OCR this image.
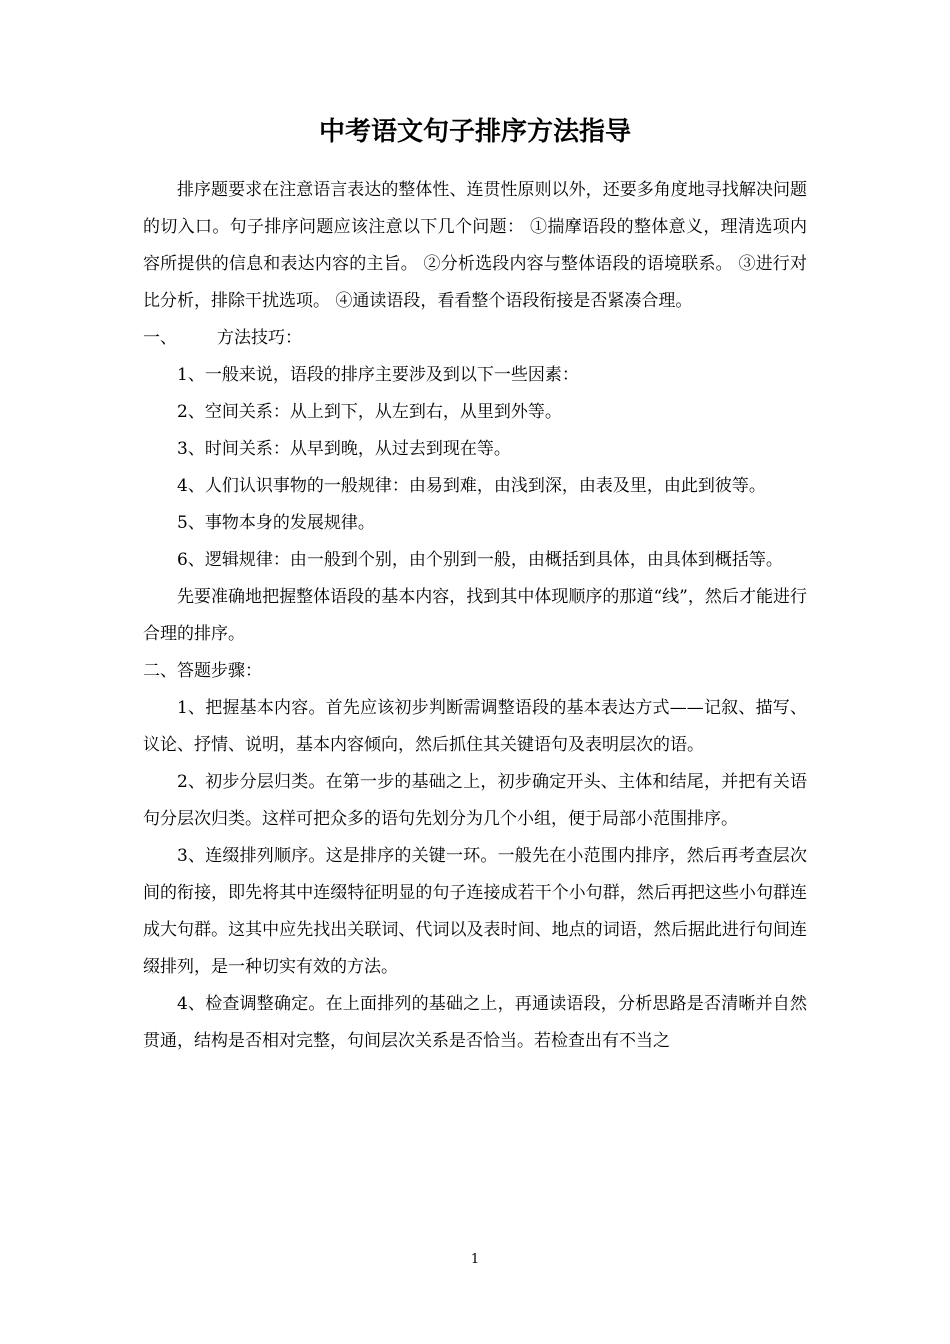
中考语文句子排序方法指导

排序题要求在注意语言表达的整体性、连贯性原则以外，还要多角度地寻找解决问题的切入口。句子排序问题应该注意以下几个问题： ①揣摩语段的整体意义，理清选项内容所提供的信息和表达内容的主旨。 ②分析选段内容与整体语段的语境联系。 ③进行对比分析，排除干扰选项。 ④通读语段，看看整个语段衔接是否紧凑合理。

一、 方法技巧：

1、一般来说，语段的排序主要涉及到以下一些因素：

2、空间关系：从上到下，从左到右，从里到外等。

3、时间关系：从早到晚，从过去到现在等。

4、人们认识事物的一般规律：由易到难，由浅到深，由表及里，由此到彼等。

5、事物本身的发展规律。

6、逻辑规律：由一般到个别，由个别到一般，由概括到具体，由具体到概括等。

先要准确地把握整体语段的基本内容，找到其中体现顺序的那道“线”，然后才能进行合理的排序。

二、答题步骤：

1、把握基本内容。首先应该初步判断需调整语段的基本表达方式——记叙、描写、议论、抒情、说明，基本内容倾向，然后抓住其关键语句及表明层次的语。

2、初步分层归类。在第一步的基础之上，初步确定开头、主体和结尾，并把有关语句分层次归类。这样可把众多的语句先划分为几个小组，便于局部小范围排序。

3、连缀排列顺序。这是排序的关键一环。一般先在小范围内排序，然后再考查层次间的衔接，即先将其中连缀特征明显的句子连接成若干个小句群，然后再把这些小句群连成大句群。这其中应先找出关联词、代词以及表时间、地点的词语，然后据此进行句间连缀排列，是一种切实有效的方法。

4、检查调整确定。在上面排列的基础之上，再通读语段，分析思路是否清晰并自然贯通，结构是否相对完整，句间层次关系是否恰当。若检查出有不当之

1
